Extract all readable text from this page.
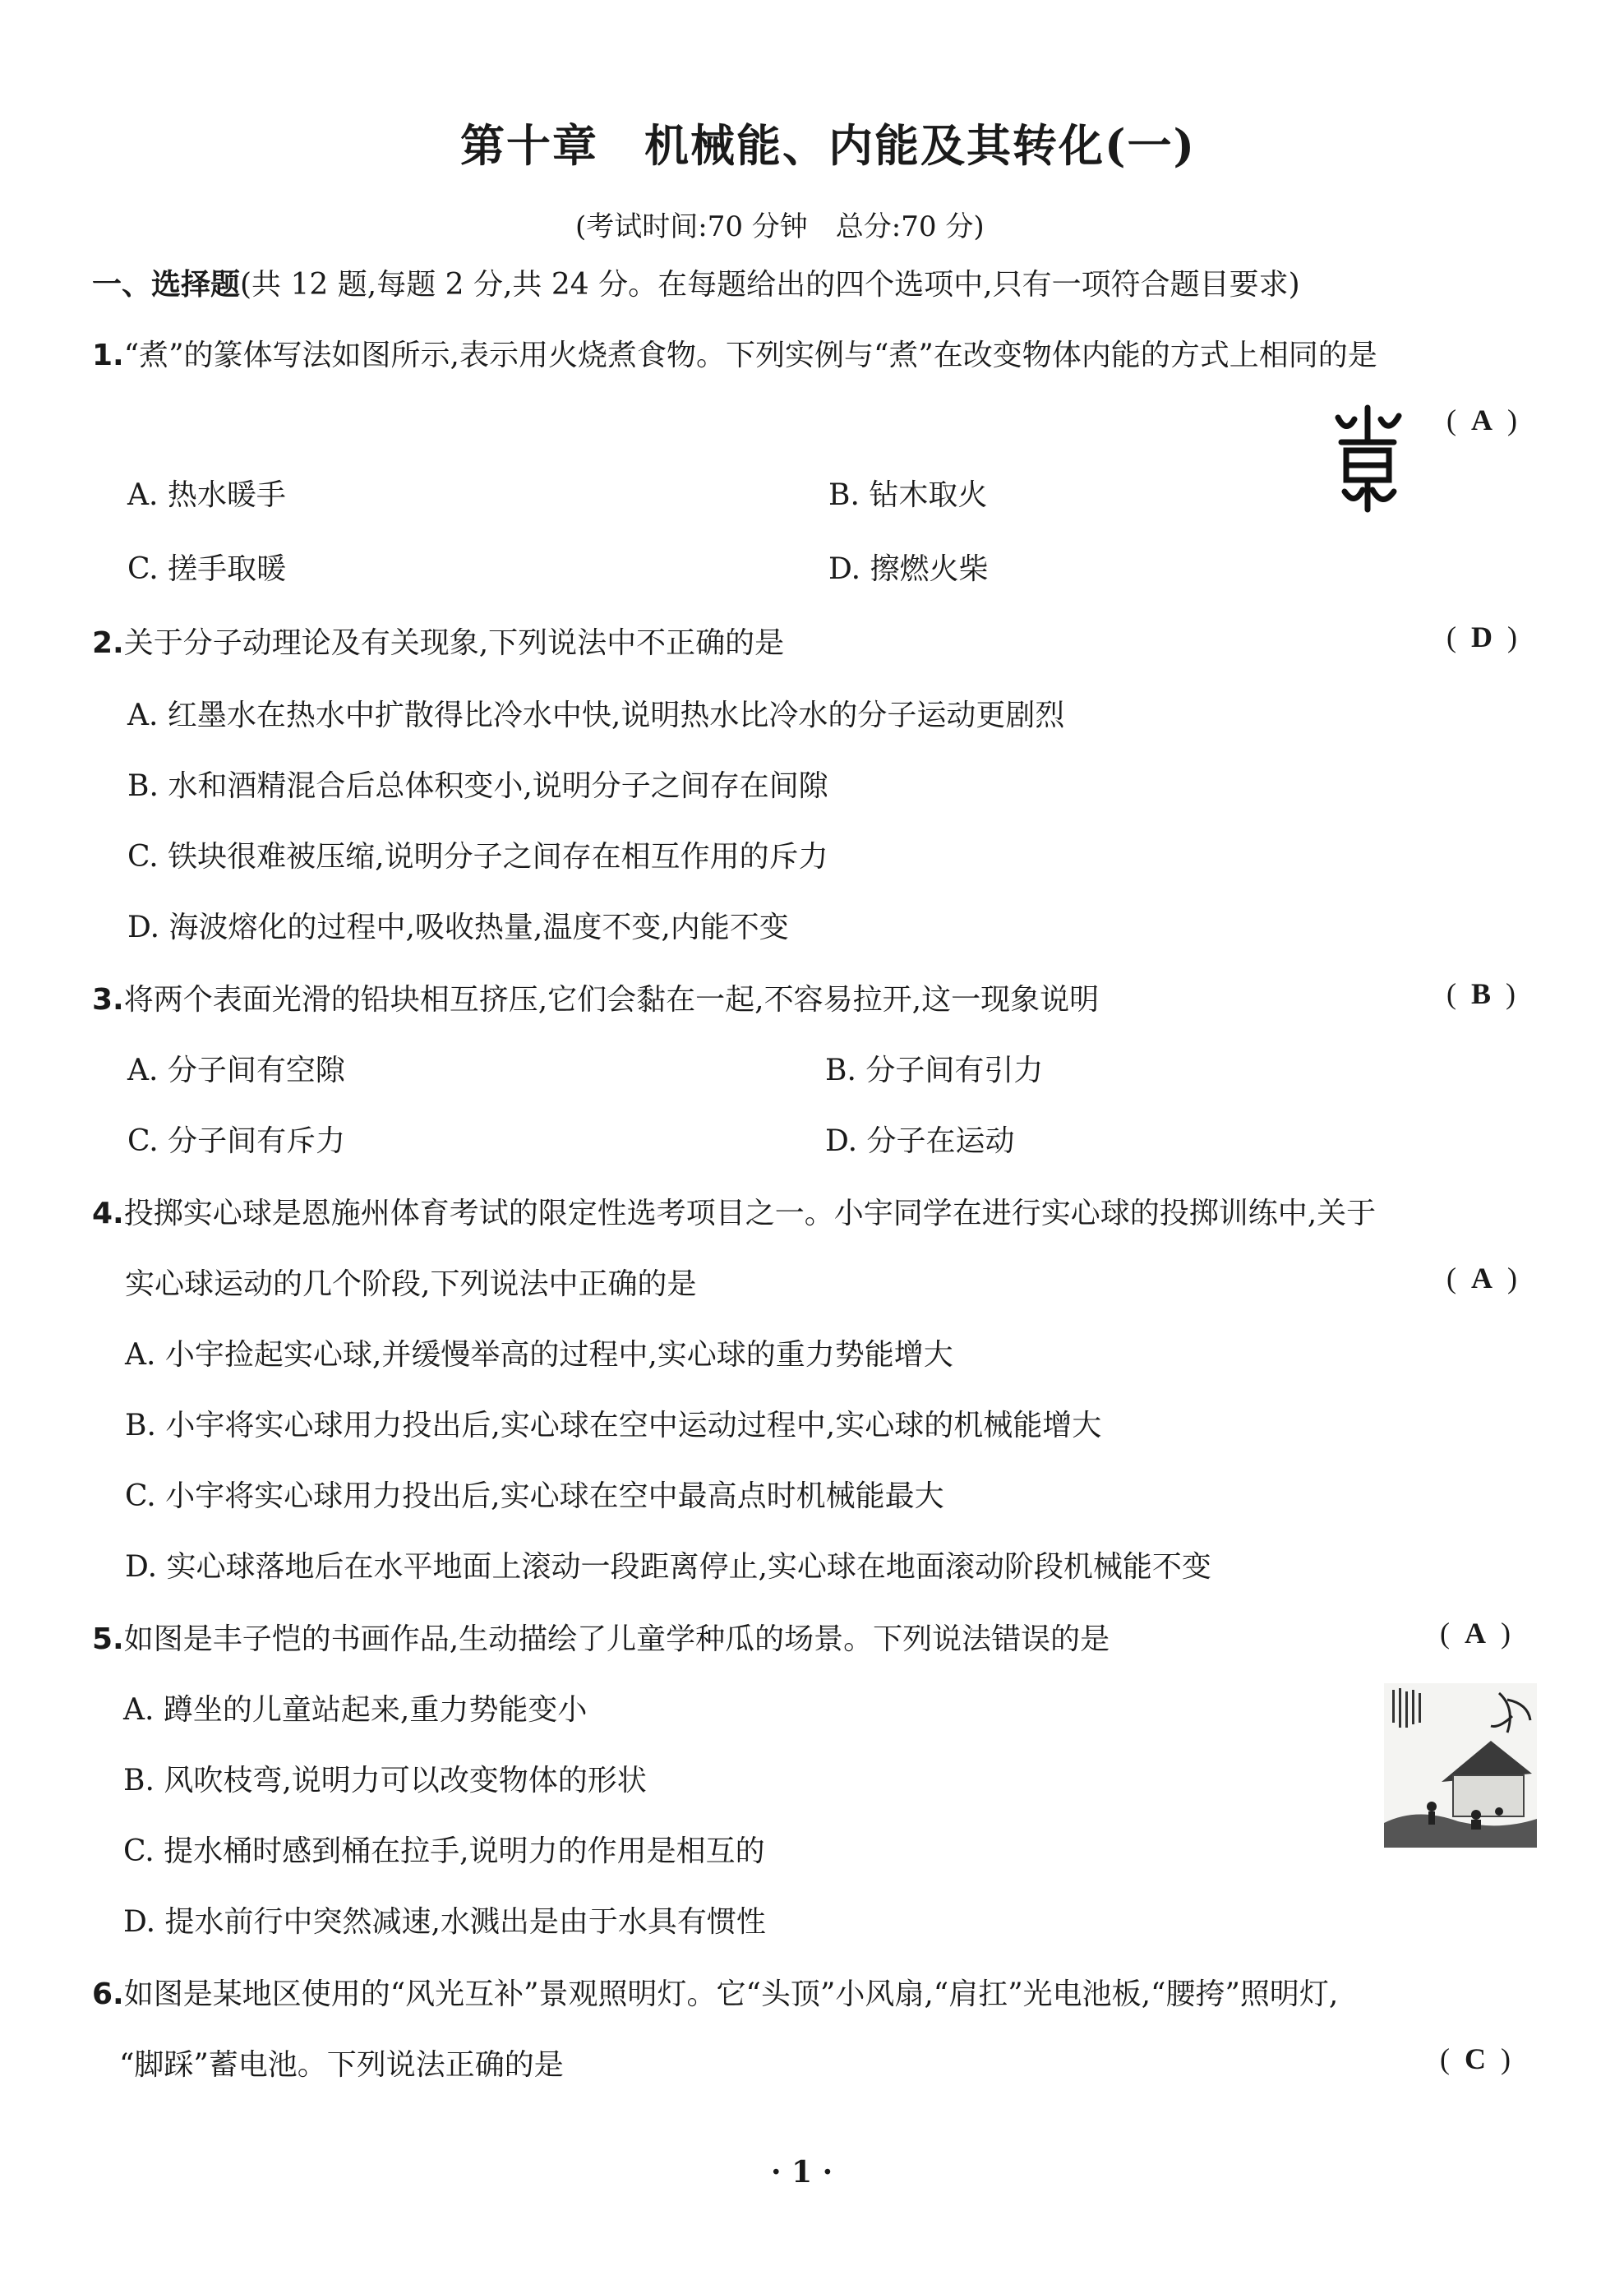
第十章　机械能、内能及其转化(一)
(考试时间:70 分钟　总分:70 分)
一、选择题(共 12 题,每题 2 分,共 24 分。在每题给出的四个选项中,只有一项符合题目要求)
1.“煮”的篆体写法如图所示,表示用火烧煮食物。下列实例与“煮”在改变物体内能的方式上相同的是
( A )
A. 热水暖手	B. 钻木取火
C. 搓手取暖	D. 擦燃火柴
2.关于分子动理论及有关现象,下列说法中不正确的是	( D )
A. 红墨水在热水中扩散得比冷水中快,说明热水比冷水的分子运动更剧烈
B. 水和酒精混合后总体积变小,说明分子之间存在间隙
C. 铁块很难被压缩,说明分子之间存在相互作用的斥力
D. 海波熔化的过程中,吸收热量,温度不变,内能不变
3.将两个表面光滑的铅块相互挤压,它们会黏在一起,不容易拉开,这一现象说明	( B )
A. 分子间有空隙	B. 分子间有引力
C. 分子间有斥力	D. 分子在运动
4.投掷实心球是恩施州体育考试的限定性选考项目之一。小宇同学在进行实心球的投掷训练中,关于
实心球运动的几个阶段,下列说法中正确的是	( A )
A. 小宇捡起实心球,并缓慢举高的过程中,实心球的重力势能增大
B. 小宇将实心球用力投出后,实心球在空中运动过程中,实心球的机械能增大
C. 小宇将实心球用力投出后,实心球在空中最高点时机械能最大
D. 实心球落地后在水平地面上滚动一段距离停止,实心球在地面滚动阶段机械能不变
5.如图是丰子恺的书画作品,生动描绘了儿童学种瓜的场景。下列说法错误的是	( A )
A. 蹲坐的儿童站起来,重力势能变小
B. 风吹枝弯,说明力可以改变物体的形状
C. 提水桶时感到桶在拉手,说明力的作用是相互的
D. 提水前行中突然减速,水溅出是由于水具有惯性
6.如图是某地区使用的“风光互补”景观照明灯。它“头顶”小风扇,“肩扛”光电池板,“腰挎”照明灯,
“脚踩”蓄电池。下列说法正确的是	( C )
· 1 ·
